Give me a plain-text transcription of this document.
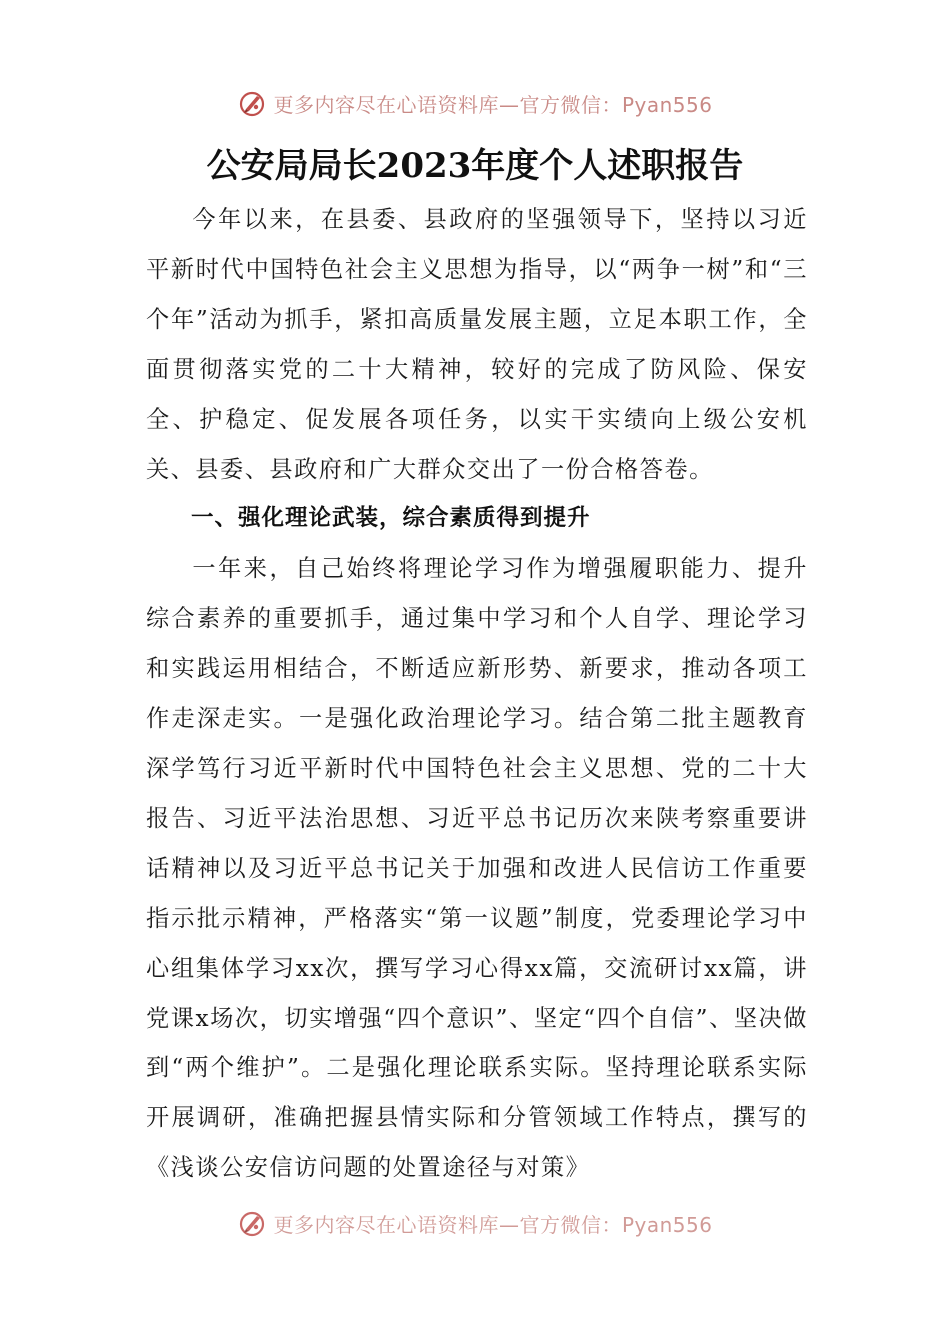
更多内容尽在心语资料库—官方微信：Pyan556
公安局局长2023年度个人述职报告

今年以来，在县委、县政府的坚强领导下，坚持以习近平新时代中国特色社会主义思想为指导，以“两争一树”和“三个年”活动为抓手，紧扣高质量发展主题，立足本职工作，全面贯彻落实党的二十大精神，较好的完成了防风险、保安全、护稳定、促发展各项任务，以实干实绩向上级公安机关、县委、县政府和广大群众交出了一份合格答卷。

一、强化理论武装，综合素质得到提升

一年来，自己始终将理论学习作为增强履职能力、提升综合素养的重要抓手，通过集中学习和个人自学、理论学习和实践运用相结合，不断适应新形势、新要求，推动各项工作走深走实。一是强化政治理论学习。结合第二批主题教育深学笃行习近平新时代中国特色社会主义思想、党的二十大报告、习近平法治思想、习近平总书记历次来陕考察重要讲话精神以及习近平总书记关于加强和改进人民信访工作重要指示批示精神，严格落实“第一议题”制度，党委理论学习中心组集体学习xx次，撰写学习心得xx篇，交流研讨xx篇，讲党课x场次，切实增强“四个意识”、坚定“四个自信”、坚决做到“两个维护”。二是强化理论联系实际。坚持理论联系实际开展调研，准确把握县情实际和分管领域工作特点，撰写的《浅谈公安信访问题的处置途径与对策》

更多内容尽在心语资料库—官方微信：Pyan556
